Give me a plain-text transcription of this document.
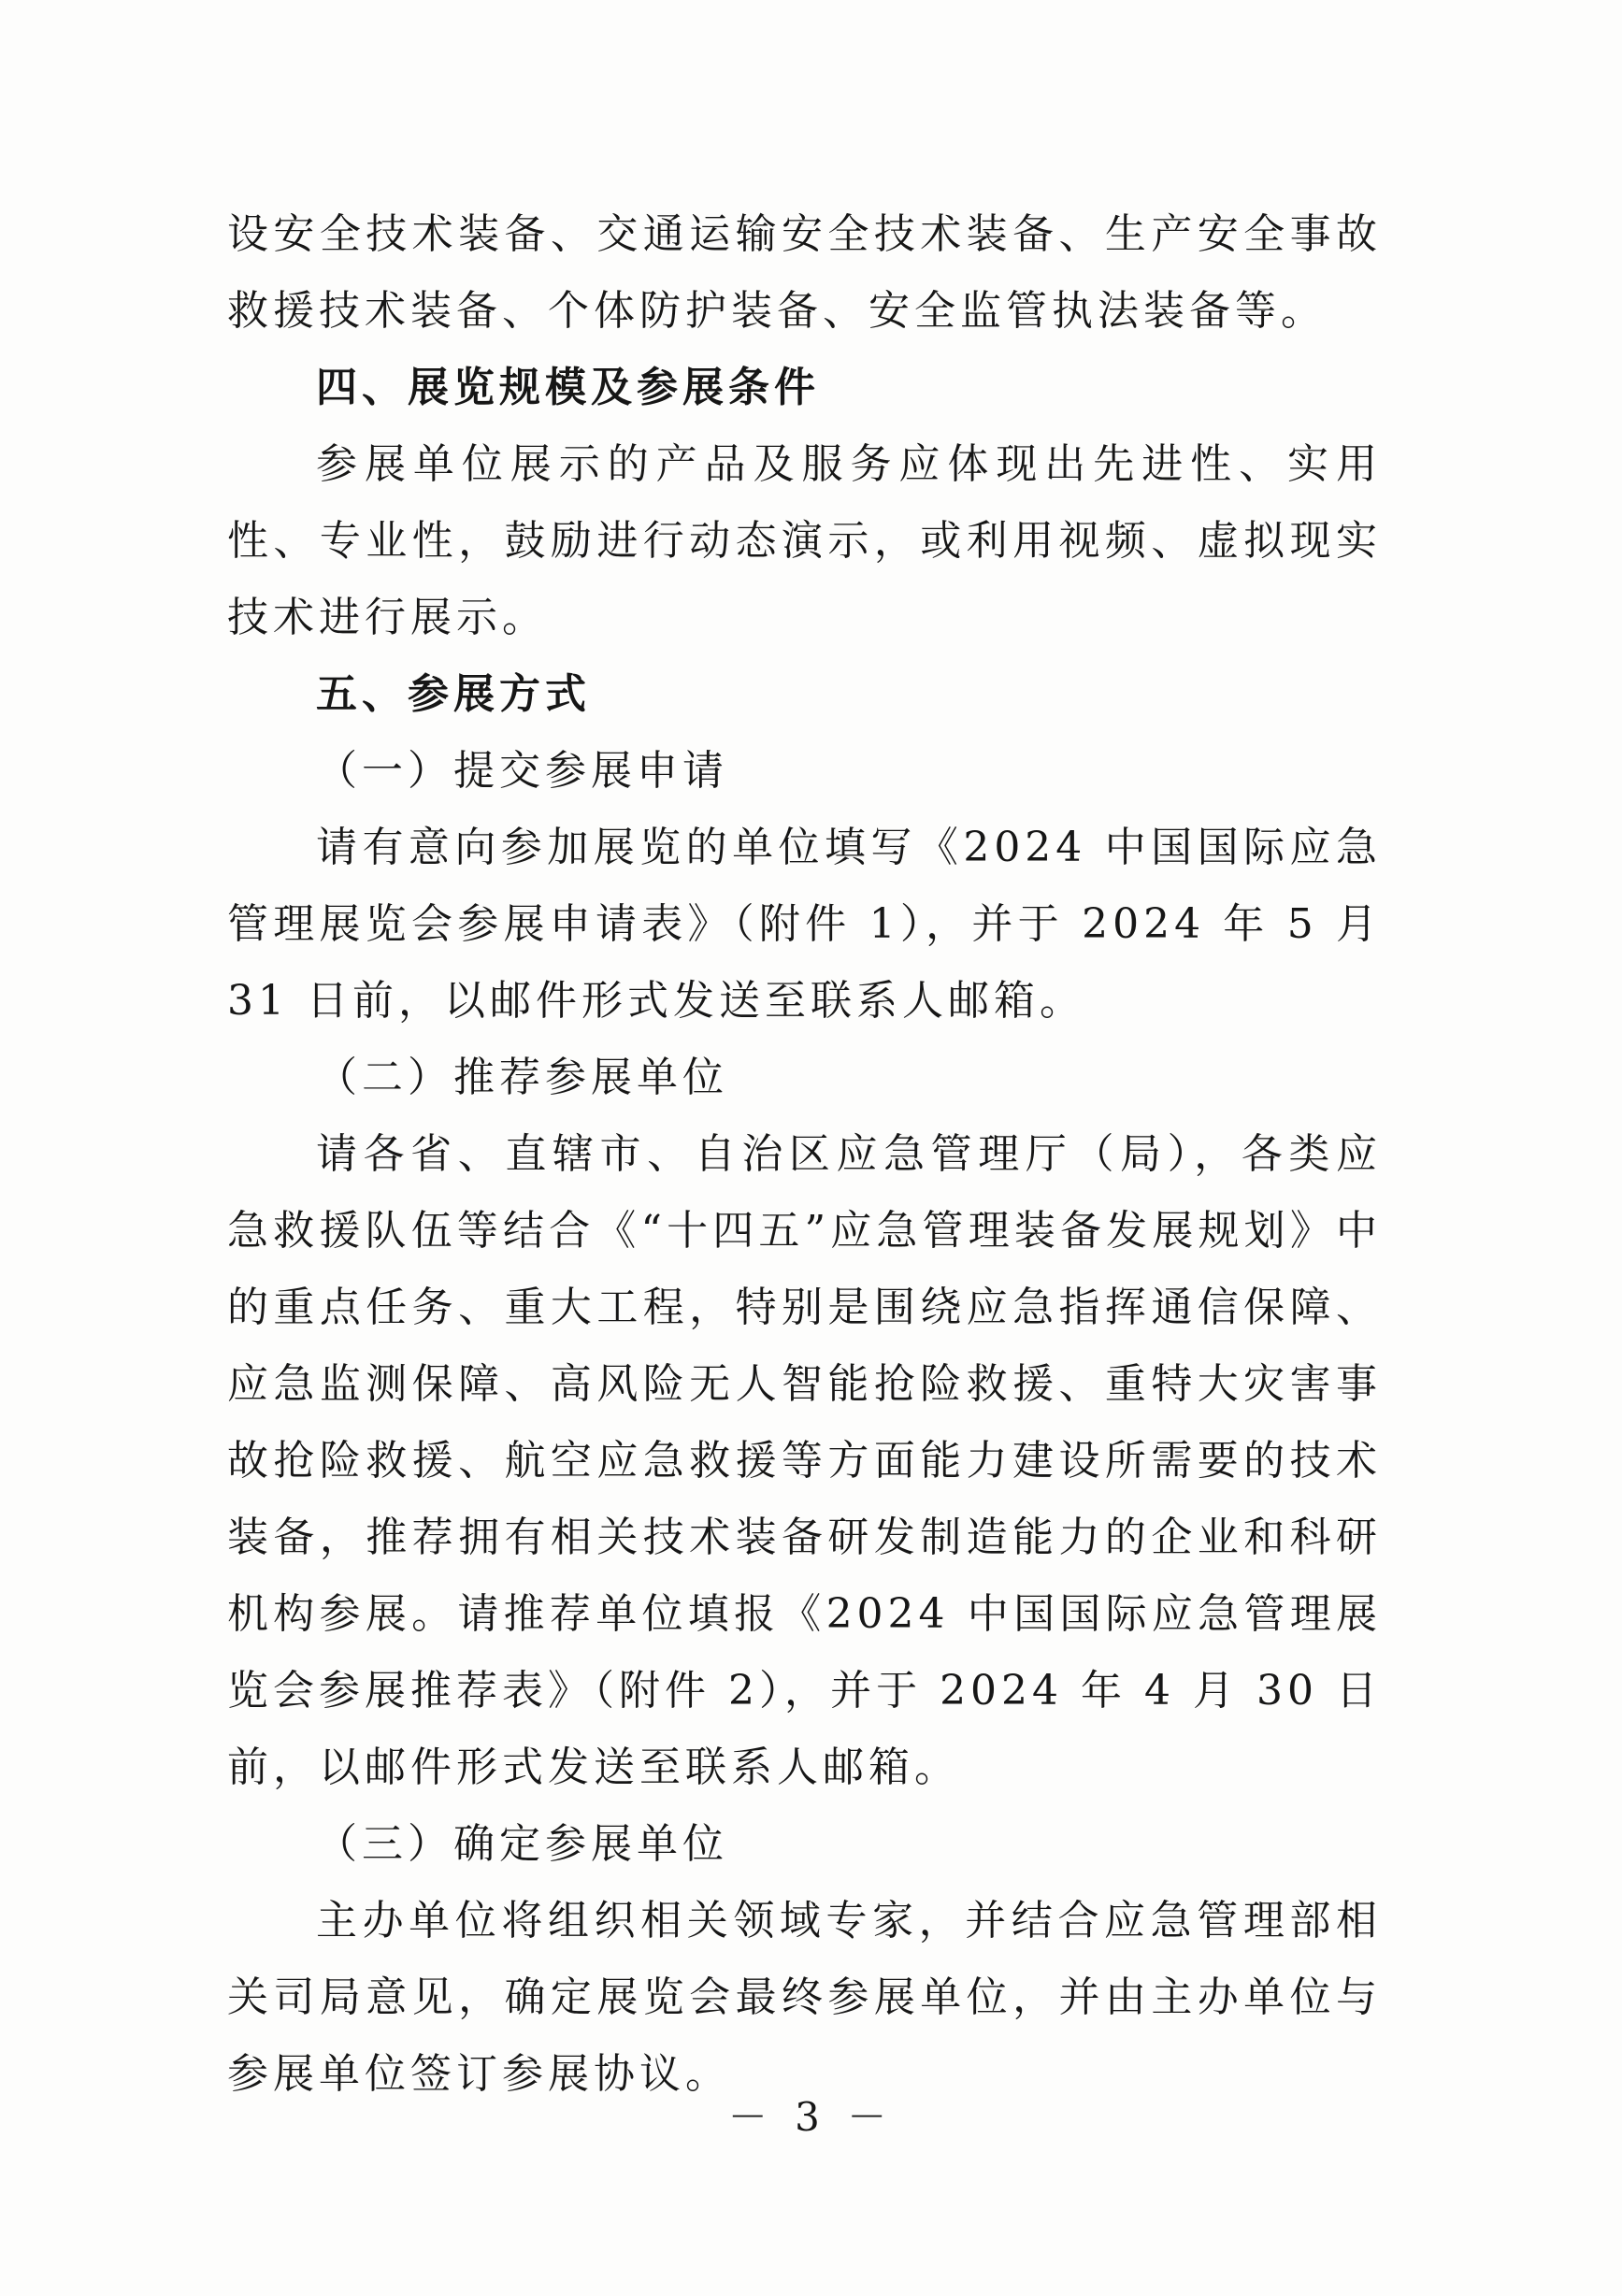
设安全技术装备、交通运输安全技术装备、生产安全事故救援技术装备、个体防护装备、安全监管执法装备等。

四、展览规模及参展条件

参展单位展示的产品及服务应体现出先进性、实用性、专业性，鼓励进行动态演示，或利用视频、虚拟现实技术进行展示。

五、参展方式

（一）提交参展申请

请有意向参加展览的单位填写《2024 中国国际应急管理展览会参展申请表》（附件 1），并于 2024 年 5 月 31 日前，以邮件形式发送至联系人邮箱。

（二）推荐参展单位

请各省、直辖市、自治区应急管理厅（局），各类应急救援队伍等结合《“十四五”应急管理装备发展规划》中的重点任务、重大工程，特别是围绕应急指挥通信保障、应急监测保障、高风险无人智能抢险救援、重特大灾害事故抢险救援、航空应急救援等方面能力建设所需要的技术装备，推荐拥有相关技术装备研发制造能力的企业和科研机构参展。请推荐单位填报《2024 中国国际应急管理展览会参展推荐表》（附件 2），并于 2024 年 4 月 30 日前，以邮件形式发送至联系人邮箱。

（三）确定参展单位

主办单位将组织相关领域专家，并结合应急管理部相关司局意见，确定展览会最终参展单位，并由主办单位与参展单位签订参展协议。

－ 3 －
